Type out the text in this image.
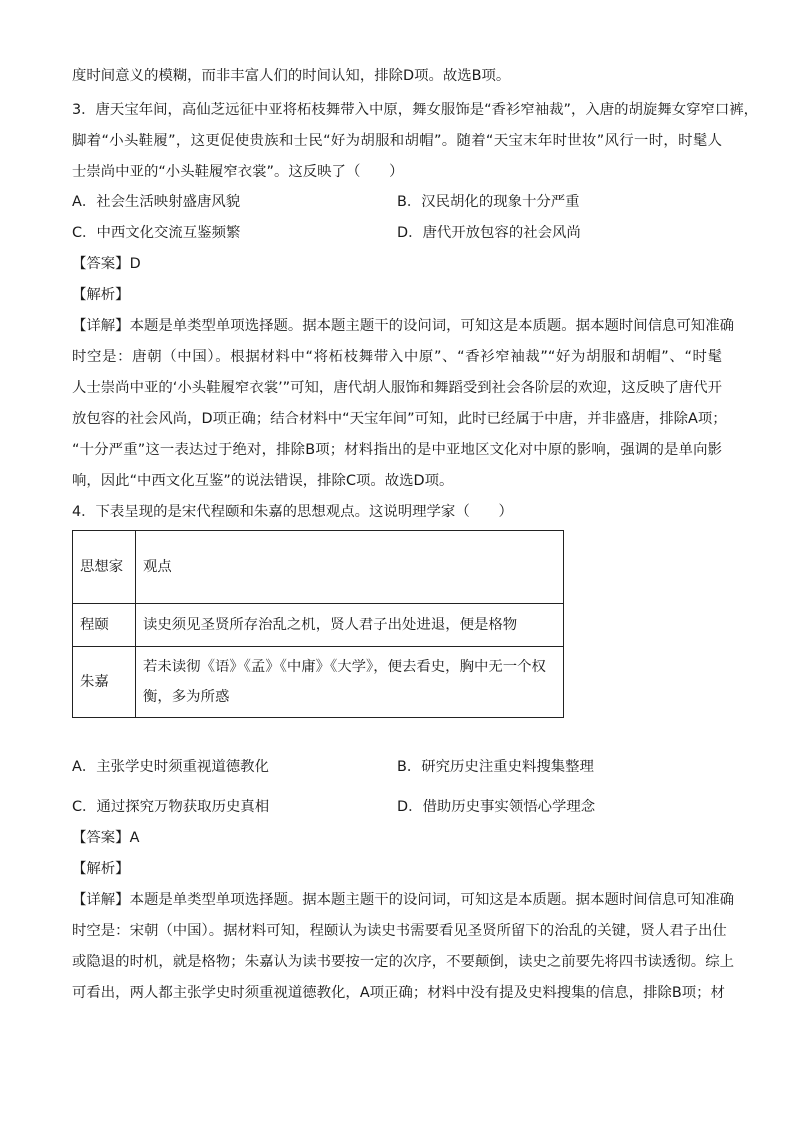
度时间意义的模糊，而非丰富人们的时间认知，排除D项。故选B项。
3．唐天宝年间，高仙芝远征中亚将柘枝舞带入中原，舞女服饰是“香衫窄袖裁”，入唐的胡旋舞女穿窄口裤，
脚着“小头鞋履”，这更促使贵族和士民“好为胡服和胡帽”。随着“天宝末年时世妆”风行一时，时髦人
士崇尚中亚的“小头鞋履窄衣裳”。这反映了（　　）
A．社会生活映射盛唐风貌	B．汉民胡化的现象十分严重
C．中西文化交流互鉴频繁	D．唐代开放包容的社会风尚
【答案】D
【解析】
【详解】本题是单类型单项选择题。据本题主题干的设问词，可知这是本质题。据本题时间信息可知准确
时空是：唐朝（中国）。根据材料中“将柘枝舞带入中原”、“香衫窄袖裁”“好为胡服和胡帽”、“时髦
人士崇尚中亚的‘小头鞋履窄衣裳’”可知，唐代胡人服饰和舞蹈受到社会各阶层的欢迎，这反映了唐代开
放包容的社会风尚，D项正确；结合材料中“天宝年间”可知，此时已经属于中唐，并非盛唐，排除A项；
“十分严重”这一表达过于绝对，排除B项；材料指出的是中亚地区文化对中原的影响，强调的是单向影
响，因此“中西文化互鉴”的说法错误，排除C项。故选D项。
4．下表呈现的是宋代程颐和朱嘉的思想观点。这说明理学家（　　）
思想家	观点
程颐	读史须见圣贤所存治乱之机，贤人君子出处进退，便是格物
朱嘉	若未读彻《语》《孟》《中庸》《大学》，便去看史，胸中无一个权
衡，多为所惑
A．主张学史时须重视道德教化	B．研究历史注重史料搜集整理
C．通过探究万物获取历史真相	D．借助历史事实领悟心学理念
【答案】A
【解析】
【详解】本题是单类型单项选择题。据本题主题干的设问词，可知这是本质题。据本题时间信息可知准确
时空是：宋朝（中国）。据材料可知，程颐认为读史书需要看见圣贤所留下的治乱的关键，贤人君子出仕
或隐退的时机，就是格物；朱嘉认为读书要按一定的次序，不要颠倒，读史之前要先将四书读透彻。综上
可看出，两人都主张学史时须重视道德教化，A项正确；材料中没有提及史料搜集的信息，排除B项；材
